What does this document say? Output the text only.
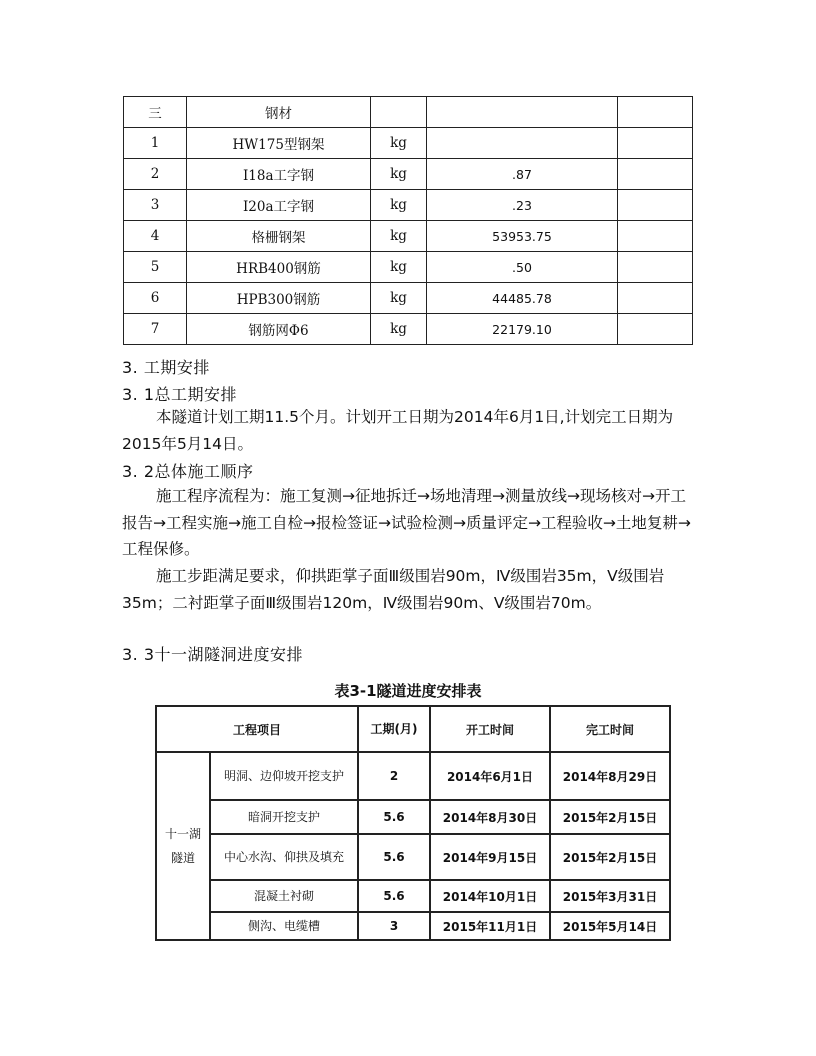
三	钢材			
1	HW175型钢架	kg		
2	I18a工字钢	kg	.87	
3	I20a工字钢	kg	.23	
4	格栅钢架	kg	53953.75	
5	HRB400钢筋	kg	.50	
6	HPB300钢筋	kg	44485.78	
7	钢筋网Φ6	kg	22179.10	
3. 工期安排
3. 1总工期安排

本隧道计划工期11.5个月。计划开工日期为2014年6月1日,计划完工日期为2015年5月14日。

3. 2总体施工顺序

施工程序流程为：施工复测→征地拆迁→场地清理→测量放线→现场核对→开工报告→工程实施→施工自检→报检签证→试验检测→质量评定→工程验收→土地复耕→工程保修。

施工步距满足要求，仰拱距掌子面Ⅲ级围岩90m，Ⅳ级围岩35m，Ⅴ级围岩35m；二衬距掌子面Ⅲ级围岩120m，Ⅳ级围岩90m、Ⅴ级围岩70m。

3. 3十一湖隧洞进度安排

表3-1隧道进度安排表

工程项目		工期(月)	开工时间	完工时间
十一湖隧道	明洞、边仰坡开挖支护	2	2014年6月1日	2014年8月29日
	暗洞开挖支护	5.6	2014年8月30日	2015年2月15日
	中心水沟、仰拱及填充	5.6	2014年9月15日	2015年2月15日
	混凝土衬砌	5.6	2014年10月1日	2015年3月31日
	侧沟、电缆槽	3	2015年11月1日	2015年5月14日
